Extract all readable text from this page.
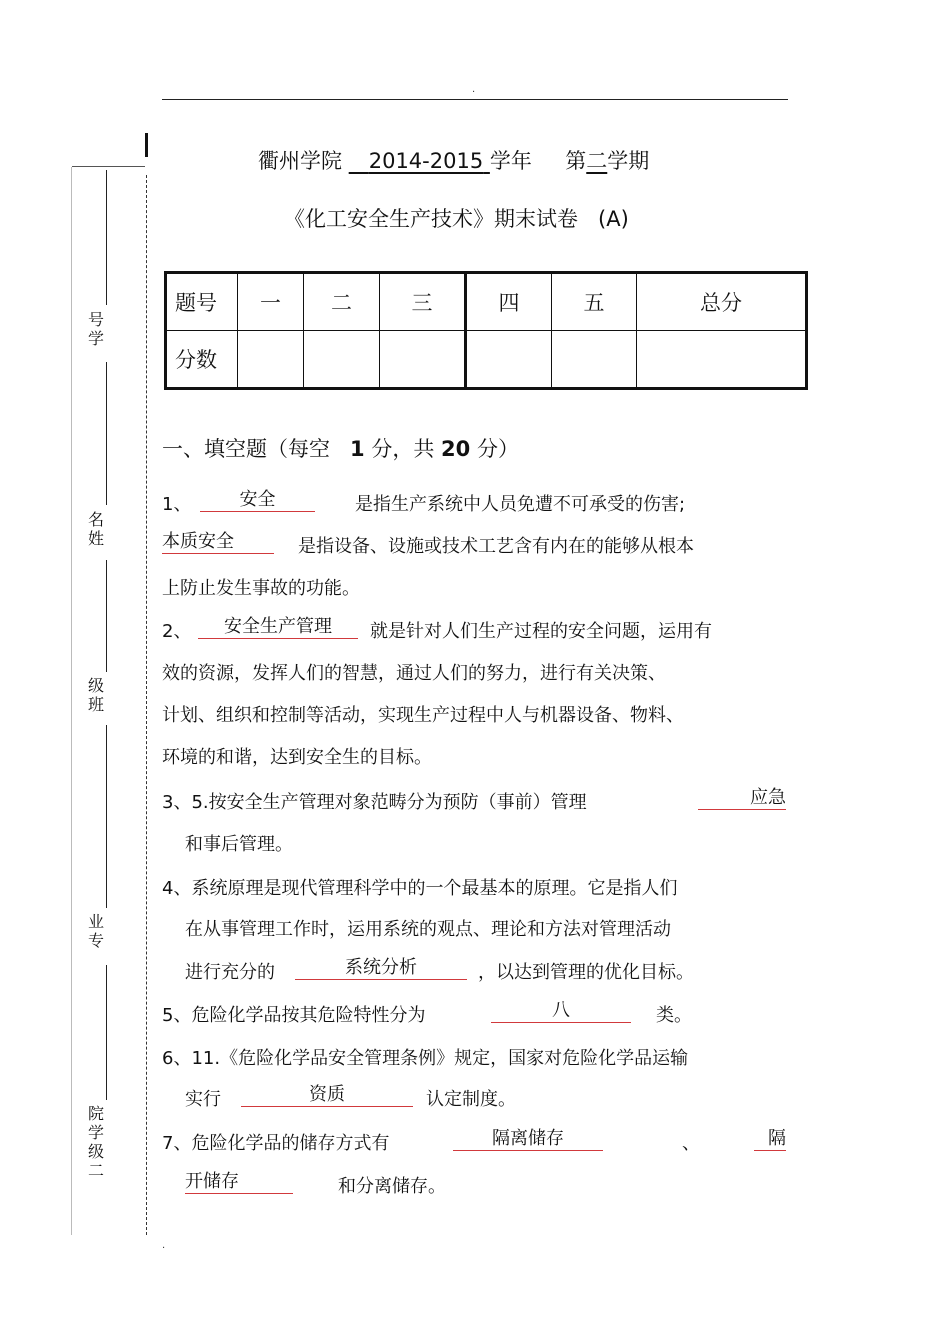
.
号学
名姓
级班
业专
院学级二
衢州学院 2014-2015 学年 第二学期
《化工安全生产技术》期末试卷 (A)
题号	一	二	三	四	五	总分
分数						
一、填空题（每空 1 分，共 20 分）
1、	安全	是指生产系统中人员免遭不可承受的伤害;
本质安全	是指设备、设施或技术工艺含有内在的能够从根本
上防止发生事故的功能。
2、	安全生产管理	就是针对人们生产过程的安全问题，运用有
效的资源，发挥人们的智慧，通过人们的努力，进行有关决策、
计划、组织和控制等活动，实现生产过程中人与机器设备、物料、
环境的和谐，达到安全生的目标。
3、5.按安全生产管理对象范畴分为预防（事前）管理	应急
和事后管理。
4、系统原理是现代管理科学中的一个最基本的原理。它是指人们
在从事管理工作时，运用系统的观点、理论和方法对管理活动
进行充分的	系统分析	，以达到管理的优化目标。
5、危险化学品按其危险特性分为	八	类。
6、11.《危险化学品安全管理条例》规定，国家对危险化学品运输
实行	资质	认定制度。
7、危险化学品的储存方式有	隔离储存	、	隔
开储存	和分离储存。
.
